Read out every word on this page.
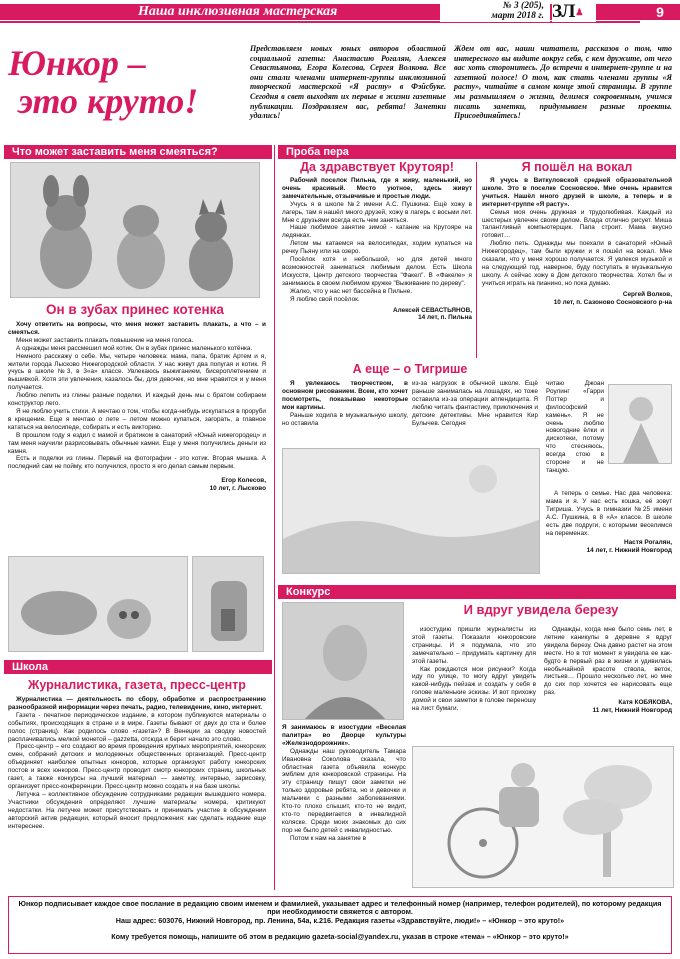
Наша инклюзивная мастерская	№ 3 (205),
март 2018 г. ЗЛ♟	9
Юнкор –
это круто!
Представляем новых юных авторов областной социальной газеты: Анастасию Рогалян, Алексея Севастьянова, Егора Колесова, Сергея Волкова. Все они стали членами интернет-группы инклюзивной творческой мастерской «Я расту» в Фэйсбуке. Сегодня в свет выходят их первые в жизни газетные публикации. Поздравляем вас, ребята! Заметки удались!
Ждем от вас, наши читатели, рассказов о том, что интересного вы видите вокруг себя, с кем дружите, от чего вас хоть сторонитесь. До встречи в интернет-группе и на газетной полосе! О том, как стать членами группы «Я расту», читайте в самом конце этой страницы. В группе мы размышляем о жизни, делимся сокровенным, учимся писать заметки, придумываем разные проекты. Присоединяйтесь!
Что может заставить меня смеяться?
Он в зубах принес котенка

Хочу ответить на вопросы, что меня может заставить плакать, а что – и смеяться.

Меня может заставить плакать повышение на меня голоса.

А однажды меня рассмешил мой котик. Он в зубах принес маленького котёнка.

Немного расскажу о себе. Мы, четыре человека: мама, папа, братик Артем и я, жители города Лысково Нижегородской области. У нас живут два попугая и котик. Я учусь в школе №3, в 3«а» классе. Увлекаюсь выжиганием, бисероплетением и вышивкой. Хотя эти увлечения, казалось бы, для девочек, но мне нравится и у меня получается.

Люблю лепить из глины разные поделки. И каждый день мы с братом собираем конструктор лего.

Я не люблю учить стихи. А мечтаю о том, чтобы когда-нибудь искупаться в проруби в крещение. Еще я мечтаю о лете – летом можно купаться, загорать, а главное кататься на велосипеде, собирать и есть викторию.

В прошлом году я ездил с мамой и братиком в санаторий «Юный нижегородец» и там меня научили разрисовывать обычные камни. Еще у меня получились деньги из камня.

Есть и поделки из глины. Первый на фотографии - это котик. Вторая мышка. А последний сам не пойму, кто получился, просто я его делал самым первым.

Егор Колесов,
10 лет, г. Лысково
Школа
Журналистика, газета, пресс-центр

Журналистика — деятельность по сбору, обработке и распространению разнообразной информации через печать, радио, телевидение, кино, интернет.

Газета - печатное периодическое издание, в котором публикуются материалы о событиях, происходящих в стране и в мире. Газеты бывают от двух до ста и более полос (страниц). Как родилось слово «газета»? В Венеции за сводку новостей расплачивались мелкой монетой – gazzetta, отсюда и берет начало это слово.

Пресс-центр – его создают во время проведения крупных мероприятий, юнкорских смен, собраний детских и молодежных общественных организаций. Пресс-центр объединяет наиболее опытных юнкоров, которые организуют работу юнкорских постов и всех юнкоров. Пресс-центр проводит смотр юнкорских страниц, школьных газет, а также конкурсы на лучший материал — заметку, интервью, зарисовку, организует пресс-конференции. Пресс-центр можно создать и на базе школы.

Летучка – коллективное обсуждение сотрудниками редакции вышедшего номера. Участники обсуждения определяют лучшие материалы номера, критикуют недостатки. На летучке может присутствовать и принимать участие в обсуждении авторский актив редакции, который вносит предложения: как сделать издание еще интереснее.

Проба пера
Да здравствует Крутояр!

Рабочий поселок Пильна, где я живу, маленький, но очень красивый. Место уютное, здесь живут замечательные, отзывчивые и простые люди.

Учусь я в школе №2 имени А.С. Пушкина. Ещё хожу в лагерь, там я нашёл много друзей, хожу в лагерь с восьми лет. Мне с друзьями всегда есть чем заняться.

Наше любимое занятие зимой - катание на Крутояре на ледянках.

Летом мы катаемся на велосипедах, ходим купаться на речку Пьяну или на озеро.

Посёлок хотя и небольшой, но для детей много возможностей заниматься любимым делом. Есть Школа Искусств, Центр детского творчества "Факел". В «Факеле» я занимаюсь в своем любимом кружке "Выживание по дереву".

Жалко, что у нас нет бассейна в Пильне.

Я люблю свой посёлок.

Алексей СЕВАСТЬЯНОВ,
14 лет, п. Пильна
Я пошёл на вокал

Я учусь в Виткуловской средней образовательной школе. Это в поселке Сосновское. Мне очень нравится учиться. Нашёл много друзей в школе, а теперь и в интернет-группе «Я расту».

Семья моя очень дружная и трудолюбивая. Каждый из шестерых увлечен своим делом. Влада отлично рисует. Миша талантливый компьютерщик. Папа строит. Мама вкусно готовит…

Люблю петь. Однажды мы поехали в санаторий «Юный Нижегородец», там были кружки и я пошёл на вокал. Мне сказали, что у меня хорошо получается. Я увлекся музыкой и на следующий год, наверное, буду поступать в музыкальную школу. А сейчас хожу в Дом детского творчества. Хотел бы и учиться играть на пианино, но пока думаю.

Сергей Волков,
10 лет, п. Сазоново Сосновского р-на
А еще – о Тигрише

Я увлекаюсь творчеством, в основном рисованием. Всем, кто хочет посмотреть, показываю некоторые мои картины.

Раньше ходила в музыкальную школу, но оставила

из-за нагрузок в обычной школе. Ещё раньше занималась на лошадях, но тоже оставила из-за операции аппендицита. Я люблю читать фантастику, приключения и детские детективы. Мне нравится Кир Булычев. Сегодня
читаю Джоан Роулинг «Гарри Поттер и философский камень». Я не очень люблю новогодние ёлки и дискотеки, потому что стесняюсь, всегда стою в стороне и не танцую.

А теперь о семье. Нас два человека: мама и я. У нас есть кошка, её зовут Тигриша. Учусь в гимназии №25 имени А.С. Пушкина, в 8 «А» классе. В школе есть две подруги, с которыми веселимся на переменах.

Настя Рогалян,
14 лет, г. Нижний Новгород
Конкурс
И вдруг увидела березу

Я занимаюсь в изостудии «Веселая палитра» во Дворце культуры «Железнодорожник».

Однажды наш руководитель Тамара Ивановна Соколова сказала, что областная газета объявила конкурс эмблем для юнкоровской страницы. На эту страницу пишут свои заметки не только здоровые ребята, но и девочки и мальчики с разными заболеваниями. Кто-то плохо слышит, кто-то не видит, кто-то передвигается в инвалидной коляске. Среди моих знакомых до сих пор не было детей с инвалидностью.

Потом к нам на занятие в

изостудию пришли журналисты из этой газеты. Показали юнкоровские страницы. И я подумала, что это замечательно – придумать картинку для этой газеты.

Как рождаются мои рисунки? Когда иду по улице, то могу вдруг увидеть какой-нибудь пейзаж и создать у себя в голове маленькие эскизы. И вот прихожу домой и свои заметки в голове переношу на лист бумаги.

Однажды, когда мне было семь лет, в летние каникулы в деревне я вдруг увидела березу. Она давно растет на этом месте. Но в тот момент я увидела ее как-будто в первый раз в жизни и удивилась необычайной красоте ствола, веток, листьев… Прошло несколько лет, но мне до сих пор хочется ее нарисовать еще раз.

Катя КОБЯКОВА,
11 лет, Нижний Новгород
Юнкор подписывает каждое свое послание в редакцию своим именем и фамилией, указывает адрес и телефонный номер (например, телефон родителей), по которому редакция при необходимости свяжется с автором.
Наш адрес: 603076, Нижний Новгород, пр. Ленина, 54а, к.216. Редакция газеты «Здравствуйте, люди!» – «Юнкор – это круто!»
Кому требуется помощь, напишите об этом в редакцию gazeta-social@yandex.ru, указав в строке «тема» – «Юнкор – это круто!»
